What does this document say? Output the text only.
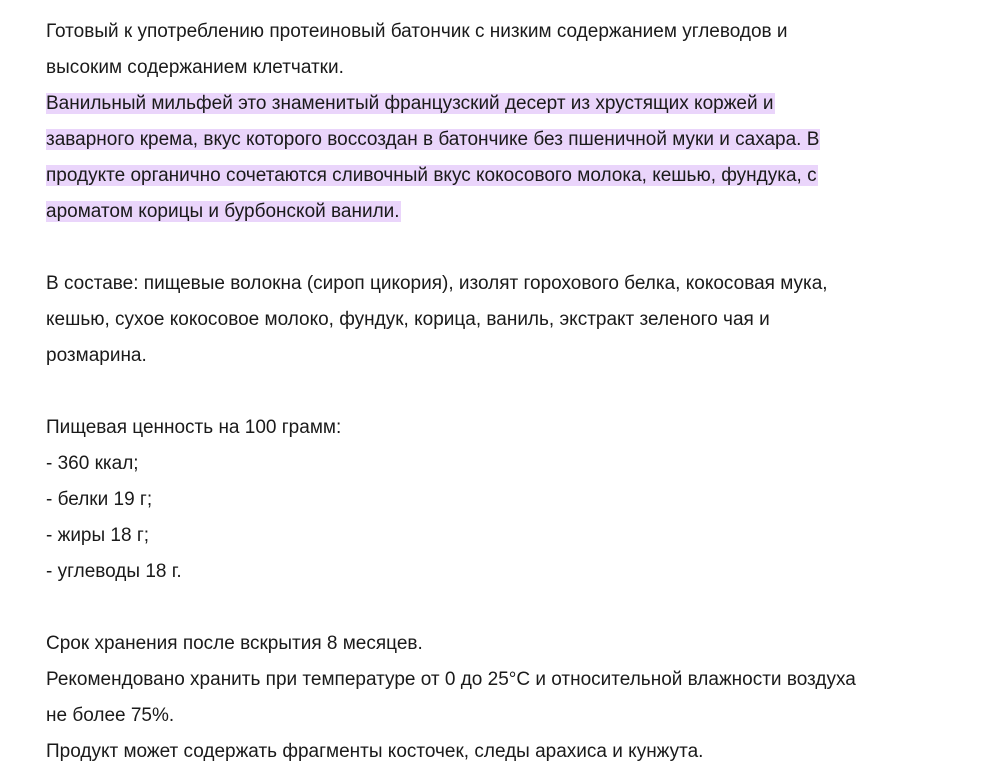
Готовый к употреблению протеиновый батончик с низким содержанием углеводов и
высоким содержанием клетчатки.
Ванильный мильфей это знаменитый французский десерт из хрустящих коржей и
заварного крема, вкус которого воссоздан в батончике без пшеничной муки и сахара. В
продукте органично сочетаются сливочный вкус кокосового молока, кешью, фундука, с
ароматом корицы и бурбонской ванили.
В составе: пищевые волокна (сироп цикория), изолят горохового белка, кокосовая мука,
кешью, сухое кокосовое молоко, фундук, корица, ваниль, экстракт зеленого чая и
розмарина.
Пищевая ценность на 100 грамм:
- 360 ккал;
- белки 19 г;
- жиры 18 г;
- углеводы 18 г.
Срок хранения после вскрытия 8 месяцев.
Рекомендовано хранить при температуре от 0 до 25°С и относительной влажности воздуха
не более 75%.
Продукт может содержать фрагменты косточек, следы арахиса и кунжута.
